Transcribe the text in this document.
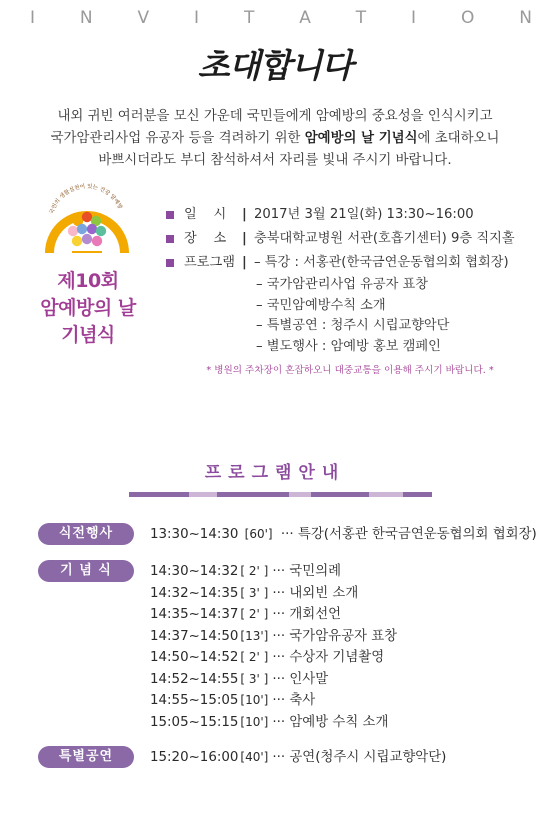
I	N	V	I	T	A	T	I	O	N
초대합니다
내외 귀빈 여러분을 모신 가운데 국민들에게 암예방의 중요성을 인식시키고
국가암관리사업 유공자 등을 격려하기 위한 암예방의 날 기념식에 초대하오니
바쁘시더라도 부디 참석하셔서 자리를 빛내 주시기 바랍니다.
국민의 생활실천이 있는 건강 암예방
제10회
암예방의 날
기념식
일    시	| 2017년 3월 21일(화) 13:30~16:00
장    소	| 충북대학교병원 서관(호흡기센터) 9층 직지홀
프로그램 | – 특강 : 서홍관(한국금연운동협의회 협회장)
– 국가암관리사업 유공자 표창
– 국민암예방수칙 소개
– 특별공연 : 청주시 시립교향악단
– 별도행사 : 암예방 홍보 캠페인
* 병원의 주차장이 혼잡하오니 대중교통을 이용해 주시기 바랍니다. *
프로그램안내
식전행사	13:30~14:30 [60'] ··· 특강(서홍관 한국금연운동협의회 협회장)
기 념 식	14:30~14:32 [ 2' ] ··· 국민의례
14:32~14:35 [ 3' ] ··· 내외빈 소개
14:35~14:37 [ 2' ] ··· 개회선언
14:37~14:50 [13'] ··· 국가암유공자 표창
14:50~14:52 [ 2' ] ··· 수상자 기념촬영
14:52~14:55 [ 3' ] ··· 인사말
14:55~15:05 [10'] ··· 축사
15:05~15:15 [10'] ··· 암예방 수칙 소개
특별공연	15:20~16:00 [40'] ··· 공연(청주시 시립교향악단)
